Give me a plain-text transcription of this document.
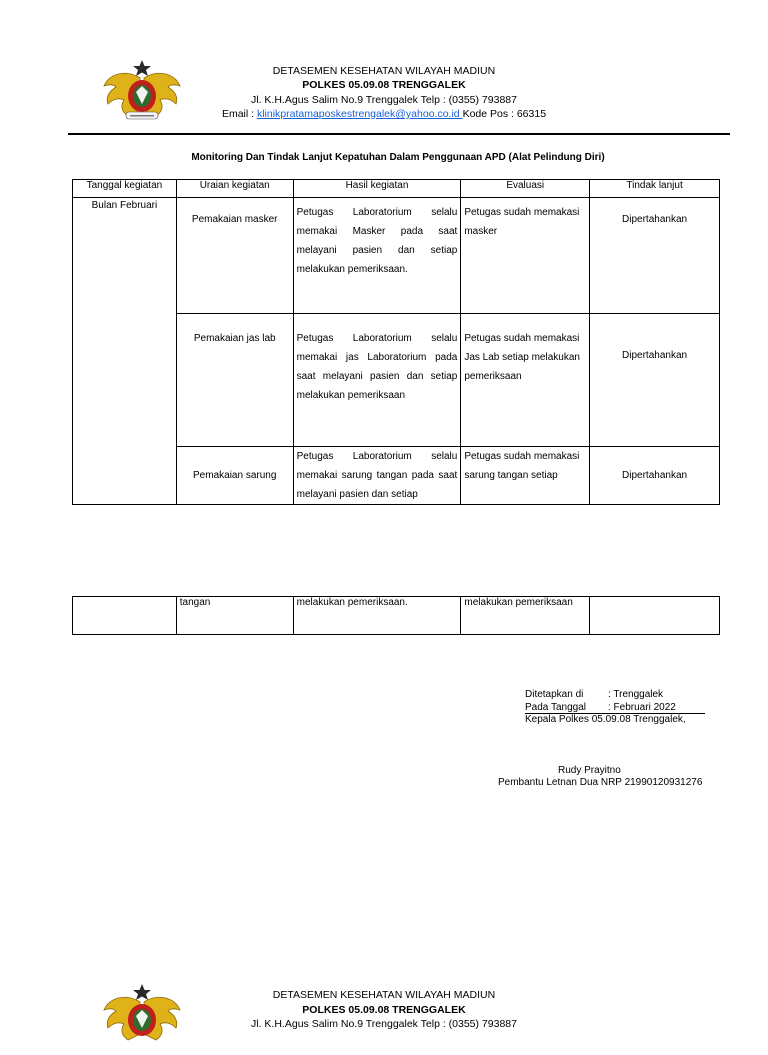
DETASEMEN KESEHATAN WILAYAH MADIUN
POLKES 05.09.08 TRENGGALEK
Jl. K.H.Agus Salim No.9 Trenggalek Telp : (0355) 793887
Email : klinikpratamaposkestrengalek@yahoo.co.id Kode Pos : 66315
Monitoring Dan Tindak Lanjut Kepatuhan Dalam Penggunaan APD (Alat Pelindung Diri)
Tanggal kegiatan	Uraian kegiatan	Hasil kegiatan	Evaluasi	Tindak lanjut
Bulan Februari	Pemakaian masker	Petugas Laboratorium selalu memakai Masker pada saat melayani pasien dan setiap melakukan pemeriksaan.	Petugas sudah memakasi masker	Dipertahankan
	Pemakaian jas lab	Petugas Laboratorium selalu memakai jas Laboratorium pada saat melayani pasien dan setiap melakukan pemeriksaan	Petugas sudah memakasi Jas Lab setiap melakukan pemeriksaan	Dipertahankan
	Pemakaian sarung	Petugas Laboratorium selalu memakai sarung tangan pada saat melayani pasien dan setiap	Petugas sudah memakasi sarung tangan setiap	Dipertahankan
	tangan	melakukan pemeriksaan.	melakukan pemeriksaan	
Ditetapkan di : Trenggalek
Pada Tanggal : Februari 2022
Kepala Polkes 05.09.08 Trenggalek,
Rudy Prayitno
Pembantu Letnan Dua NRP 21990120931276
DETASEMEN KESEHATAN WILAYAH MADIUN
POLKES 05.09.08 TRENGGALEK
Jl. K.H.Agus Salim No.9 Trenggalek Telp : (0355) 793887
